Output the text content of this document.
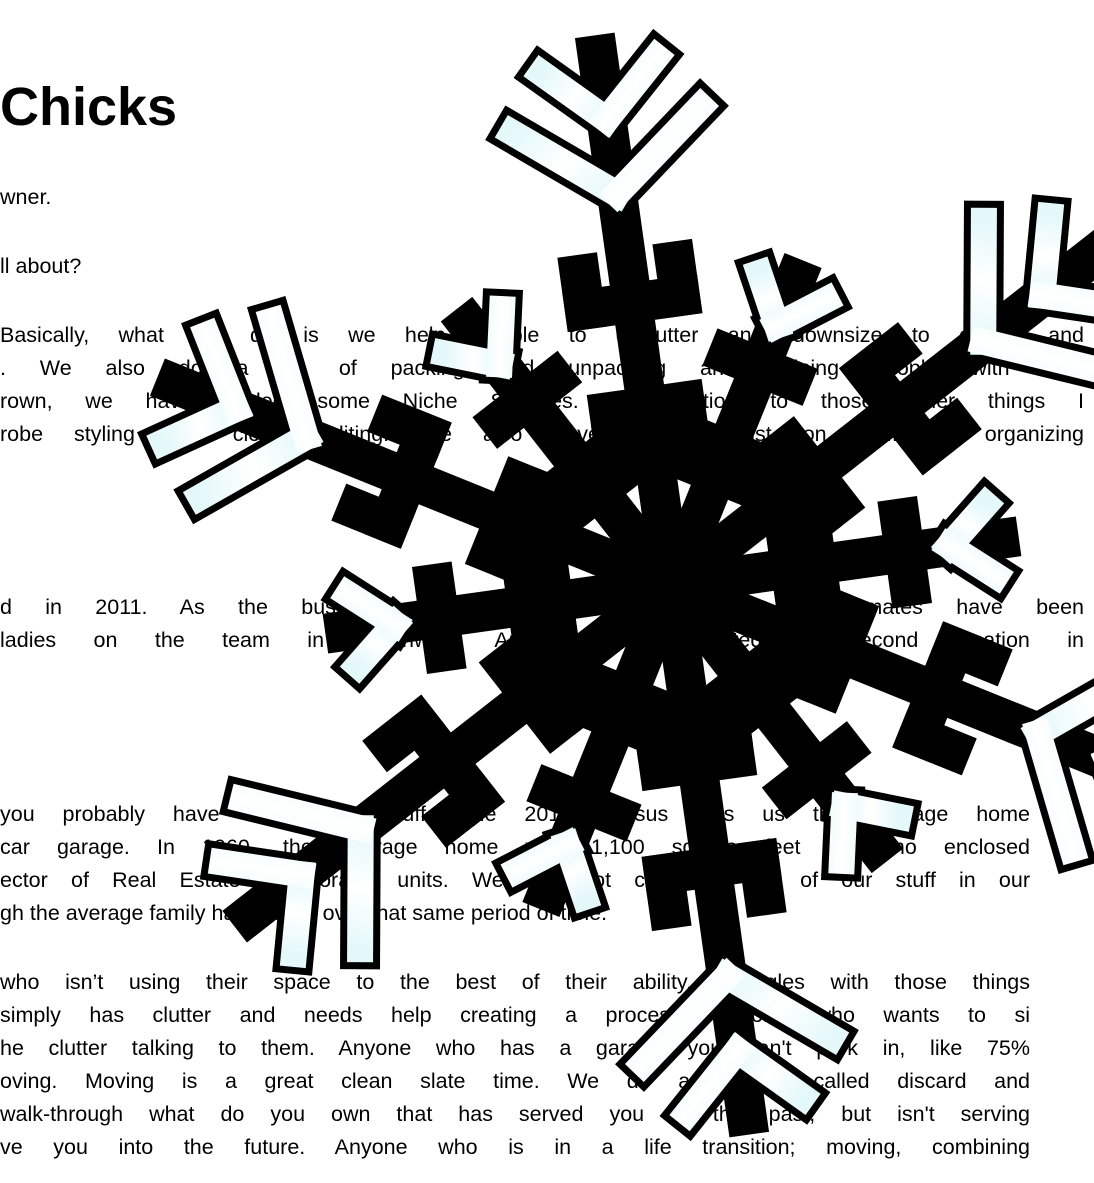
Chicks

wner.

ll about?

Basically, what we do is we help people to declutter and downsize to create and

. We also do a lot of packing and unpacking and helping people with time

rown, we have added some Niche Services. In addition to those other things I

robe styling and closet editing. We also have a nutritionist on staff for organizing

d in 2011. As the business has grown over the years, team-mates have been

ladies on the team in Northwest Arkansas. We started a second location in

you probably have too much stuff. The 2010 census tells us the average home

car garage. In 1960, the average home was 1,100 square feet with no enclosed

ector of Real Estate is storage units. We are not containing all of our stuff in our

gh the average family has shrunk over that same period of time.

who isn’t using their space to the best of their ability, struggles with those things

simply has clutter and needs help creating a process. Anyone who wants to si

he clutter talking to them. Anyone who has a garage you can't park in, like 75%

oving. Moving is a great clean slate time. We do a service called discard and

walk-through what do you own that has served you in the past, but isn't serving

ve you into the future. Anyone who is in a life transition; moving, combining
